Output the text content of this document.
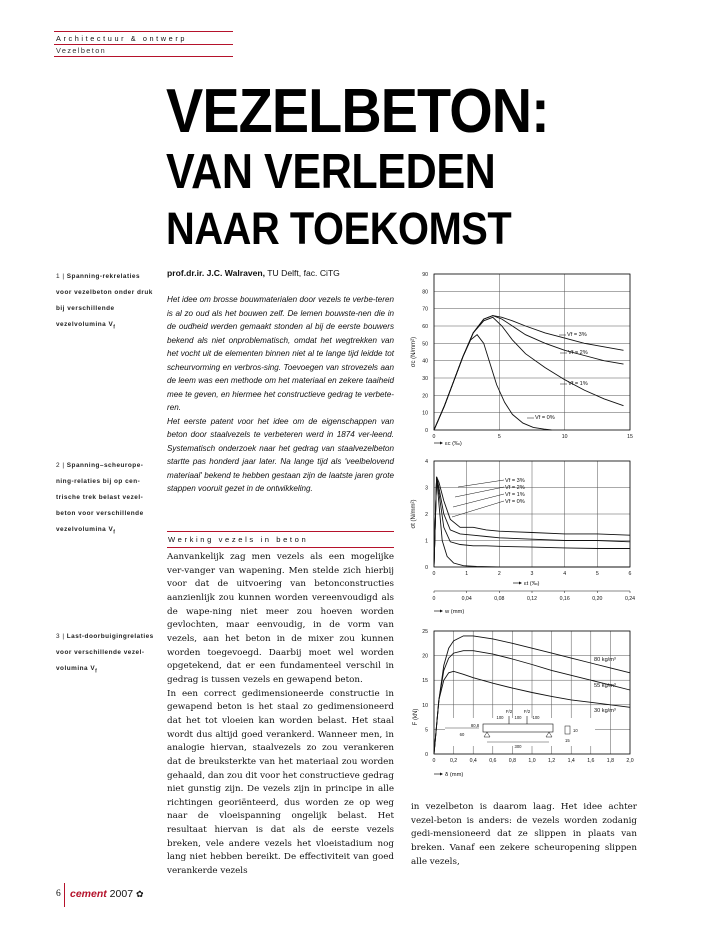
Architectuur & ontwerp
Vezelbeton
VEZELBETON:
VAN VERLEDEN
NAAR TOEKOMST
1 | Spanning-rekrelaties voor vezelbeton onder druk bij verschillende vezelvolumina $V_f$
2 | Spanning–scheurope-ning-relaties bij op cen-trische trek belast vezel-beton voor verschillende vezelvolumina $V_f$
3 | Last-doorbuigingrelaties voor verschillende vezel-volumina $V_f$
prof.dr.ir. J.C. Walraven, TU Delft, fac. CiTG

Het idee om brosse bouwmaterialen door vezels te verbe-teren is al zo oud als het bouwen zelf. De lemen bouwste-nen die in de oudheid werden gemaakt stonden al bij de eerste bouwers bekend als niet onproblematisch, omdat het wegtrekken van het vocht uit de elementen binnen niet al te lange tijd leidde tot scheurvorming en verbros-sing. Toevoegen van strovezels aan de leem was een methode om het materiaal en zekere taaiheid mee te geven, en hiermee het constructieve gedrag te verbete-ren.

Het eerste patent voor het idee om de eigenschappen van beton door staalvezels te verbeteren werd in 1874 ver-leend. Systematisch onderzoek naar het gedrag van staalvezelbeton startte pas honderd jaar later. Na lange tijd als 'veelbelovend materiaal' bekend te hebben gestaan zijn de laatste jaren grote stappen vooruit gezet in de ontwikkeling.

Werking vezels in beton

Aanvankelijk zag men vezels als een mogelijke ver-vanger van wapening. Men stelde zich hierbij voor dat de uitvoering van betonconstructies aanzienlijk zou kunnen worden vereenvoudigd als de wape-ning niet meer zou hoeven worden gevlochten, maar eenvoudig, in de vorm van vezels, aan het beton in de mixer zou kunnen worden toegevoegd. Daarbij moet wel worden opgetekend, dat er een fundamenteel verschil in gedrag is tussen vezels en gewapend beton.

In een correct gedimensioneerde constructie in gewapend beton is het staal zo gedimensioneerd dat het tot vloeien kan worden belast. Het staal wordt dus altijd goed verankerd. Wanneer men, in analogie hiervan, staalvezels zo zou verankeren dat de breuksterkte van het materiaal zou worden gehaald, dan zou dit voor het constructieve gedrag niet gunstig zijn. De vezels zijn in principe in alle richtingen georiënteerd, dus worden ze op weg naar de vloeispanning ongelijk belast. Het resultaat hiervan is dat als de eerste vezels breken, vele andere vezels het vloeistadium nog lang niet hebben bereikt. De effectiviteit van goed verankerde vezels

in vezelbeton is daarom laag. Het idee achter vezel-beton is anders: de vezels worden zodanig gedi-mensioneerd dat ze slippen in plaats van breken. Vanaf een zekere scheuropening slippen alle vezels,

0	5	10	15
0
10
20
30
40
50
60
70
80
90
σc (N/mm²)
εc (‰)
Vf = 3%
Vf = 2%
Vf = 1%
Vf = 0%
0	1	2	3	4	5	6
0
1
2
3
4
σt (N/mm²)
εt (‰)
0	0,04	0,08	0,12	0,16	0,20	0,24
w (mm)
Vf = 3%
Vf = 2%
Vf = 1%
Vf = 0%
0	0,2 0,4 0,6 0,8 1,0 1,2 1,4 1,6 1,8 2,0
0
5
10
15
20
25
F (kN)
δ (mm)
80 kg/m³
55 kg/m³
30 kg/m³
F/2	F/2
100	100	100
80,8
60
300
10
15
6 cement 2007 ✿
